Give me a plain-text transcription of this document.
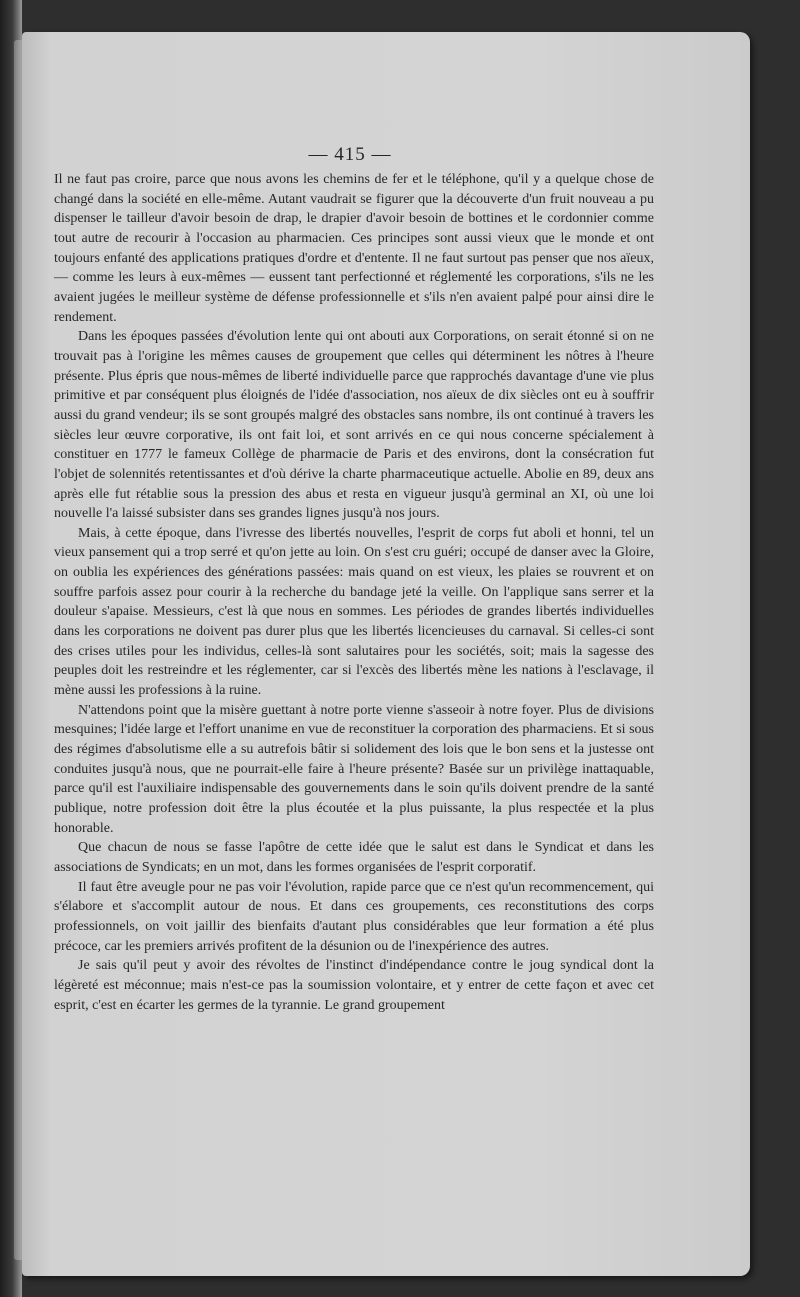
— 415 —

Il ne faut pas croire, parce que nous avons les chemins de fer et le téléphone, qu'il y a quelque chose de changé dans la société en elle-même. Autant vaudrait se figurer que la découverte d'un fruit nouveau a pu dispenser le tailleur d'avoir besoin de drap, le drapier d'avoir besoin de bottines et le cordonnier comme tout autre de recourir à l'occasion au pharmacien. Ces principes sont aussi vieux que le monde et ont toujours enfanté des applications pratiques d'ordre et d'entente. Il ne faut surtout pas penser que nos aïeux, — comme les leurs à eux-mêmes — eussent tant perfectionné et réglementé les corporations, s'ils ne les avaient jugées le meilleur système de défense professionnelle et s'ils n'en avaient palpé pour ainsi dire le rendement.

Dans les époques passées d'évolution lente qui ont abouti aux Corporations, on serait étonné si on ne trouvait pas à l'origine les mêmes causes de groupement que celles qui déterminent les nôtres à l'heure présente. Plus épris que nous-mêmes de liberté individuelle parce que rapprochés davantage d'une vie plus primitive et par conséquent plus éloignés de l'idée d'association, nos aïeux de dix siècles ont eu à souffrir aussi du grand vendeur; ils se sont groupés malgré des obstacles sans nombre, ils ont continué à travers les siècles leur œuvre corporative, ils ont fait loi, et sont arrivés en ce qui nous concerne spécialement à constituer en 1777 le fameux Collège de pharmacie de Paris et des environs, dont la consécration fut l'objet de solennités retentissantes et d'où dérive la charte pharmaceutique actuelle. Abolie en 89, deux ans après elle fut rétablie sous la pression des abus et resta en vigueur jusqu'à germinal an XI, où une loi nouvelle l'a laissé subsister dans ses grandes lignes jusqu'à nos jours.

Mais, à cette époque, dans l'ivresse des libertés nouvelles, l'esprit de corps fut aboli et honni, tel un vieux pansement qui a trop serré et qu'on jette au loin. On s'est cru guéri; occupé de danser avec la Gloire, on oublia les expériences des générations passées: mais quand on est vieux, les plaies se rouvrent et on souffre parfois assez pour courir à la recherche du bandage jeté la veille. On l'applique sans serrer et la douleur s'apaise. Messieurs, c'est là que nous en sommes. Les périodes de grandes libertés individuelles dans les corporations ne doivent pas durer plus que les libertés licencieuses du carnaval. Si celles-ci sont des crises utiles pour les individus, celles-là sont salutaires pour les sociétés, soit; mais la sagesse des peuples doit les restreindre et les réglementer, car si l'excès des libertés mène les nations à l'esclavage, il mène aussi les professions à la ruine.

N'attendons point que la misère guettant à notre porte vienne s'asseoir à notre foyer. Plus de divisions mesquines; l'idée large et l'effort unanime en vue de reconstituer la corporation des pharmaciens. Et si sous des régimes d'absolutisme elle a su autrefois bâtir si solidement des lois que le bon sens et la justesse ont conduites jusqu'à nous, que ne pourrait-elle faire à l'heure présente? Basée sur un privilège inattaquable, parce qu'il est l'auxiliaire indispensable des gouvernements dans le soin qu'ils doivent prendre de la santé publique, notre profession doit être la plus écoutée et la plus puissante, la plus respectée et la plus honorable.

Que chacun de nous se fasse l'apôtre de cette idée que le salut est dans le Syndicat et dans les associations de Syndicats; en un mot, dans les formes organisées de l'esprit corporatif.

Il faut être aveugle pour ne pas voir l'évolution, rapide parce que ce n'est qu'un recommencement, qui s'élabore et s'accomplit autour de nous. Et dans ces groupements, ces reconstitutions des corps professionnels, on voit jaillir des bienfaits d'autant plus considérables que leur formation a été plus précoce, car les premiers arrivés profitent de la désunion ou de l'inexpérience des autres.

Je sais qu'il peut y avoir des révoltes de l'instinct d'indépendance contre le joug syndical dont la légèreté est méconnue; mais n'est-ce pas la soumission volontaire, et y entrer de cette façon et avec cet esprit, c'est en écarter les germes de la tyrannie. Le grand groupement
